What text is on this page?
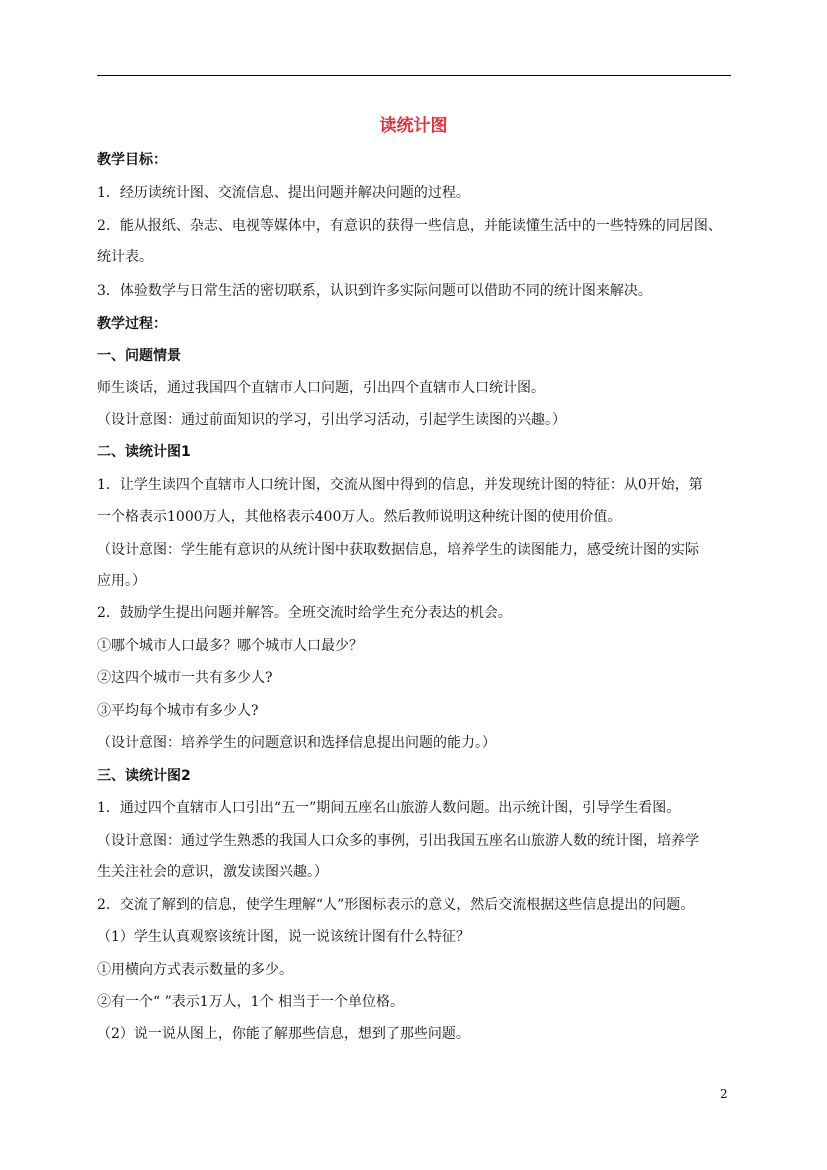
读统计图
教学目标：
1．经历读统计图、交流信息、提出问题并解决问题的过程。
2．能从报纸、杂志、电视等媒体中，有意识的获得一些信息，并能读懂生活中的一些特殊的同居图、
统计表。
3．体验数学与日常生活的密切联系，认识到许多实际问题可以借助不同的统计图来解决。
教学过程：
一、问题情景
师生谈话，通过我国四个直辖市人口问题，引出四个直辖市人口统计图。
（设计意图：通过前面知识的学习，引出学习活动，引起学生读图的兴趣。）
二、读统计图1
1．让学生读四个直辖市人口统计图，交流从图中得到的信息，并发现统计图的特征：从0开始，第
一个格表示1000万人，其他格表示400万人。然后教师说明这种统计图的使用价值。
（设计意图：学生能有意识的从统计图中获取数据信息，培养学生的读图能力，感受统计图的实际
应用。）
2．鼓励学生提出问题并解答。全班交流时给学生充分表达的机会。
①哪个城市人口最多？哪个城市人口最少？
②这四个城市一共有多少人?
③平均每个城市有多少人?
（设计意图：培养学生的问题意识和选择信息提出问题的能力。）
三、读统计图2
1．通过四个直辖市人口引出“五一”期间五座名山旅游人数问题。出示统计图，引导学生看图。
（设计意图：通过学生熟悉的我国人口众多的事例，引出我国五座名山旅游人数的统计图，培养学
生关注社会的意识，激发读图兴趣。）
2．交流了解到的信息，使学生理解“人”形图标表示的意义，然后交流根据这些信息提出的问题。
（1）学生认真观察该统计图，说一说该统计图有什么特征？
①用横向方式表示数量的多少。
②有一个“ ”表示1万人，1个 相当于一个单位格。
（2）说一说从图上，你能了解那些信息，想到了那些问题。
2
